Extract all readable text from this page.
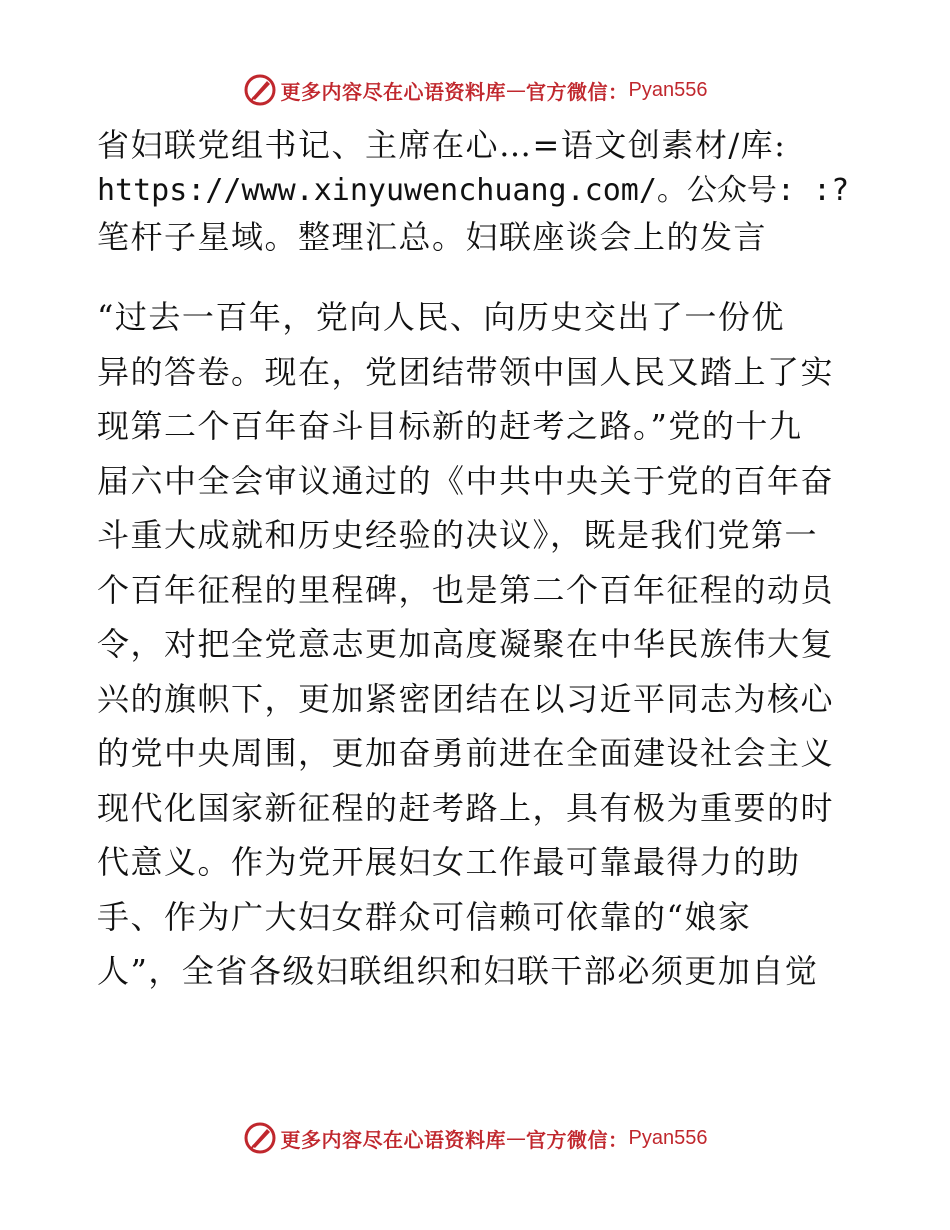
更多内容尽在心语资料库 — 官方微信： Pyan556
省妇联党组书记、主席在心…=语文创素材/库:
https://www.xinyuwenchuang.com/。公众号: :?
笔杆子星域。整理汇总。妇联座谈会上的发言
“过去一百年，党向人民、向历史交出了一份优
异的答卷。现在，党团结带领中国人民又踏上了实
现第二个百年奋斗目标新的赶考之路。”党的十九
届六中全会审议通过的《中共中央关于党的百年奋
斗重大成就和历史经验的决议》，既是我们党第一
个百年征程的里程碑，也是第二个百年征程的动员
令，对把全党意志更加高度凝聚在中华民族伟大复
兴的旗帜下，更加紧密团结在以习近平同志为核心
的党中央周围，更加奋勇前进在全面建设社会主义
现代化国家新征程的赶考路上，具有极为重要的时
代意义。作为党开展妇女工作最可靠最得力的助
手、作为广大妇女群众可信赖可依靠的“娘家
人”，全省各级妇联组织和妇联干部必须更加自觉
更多内容尽在心语资料库 — 官方微信： Pyan556
